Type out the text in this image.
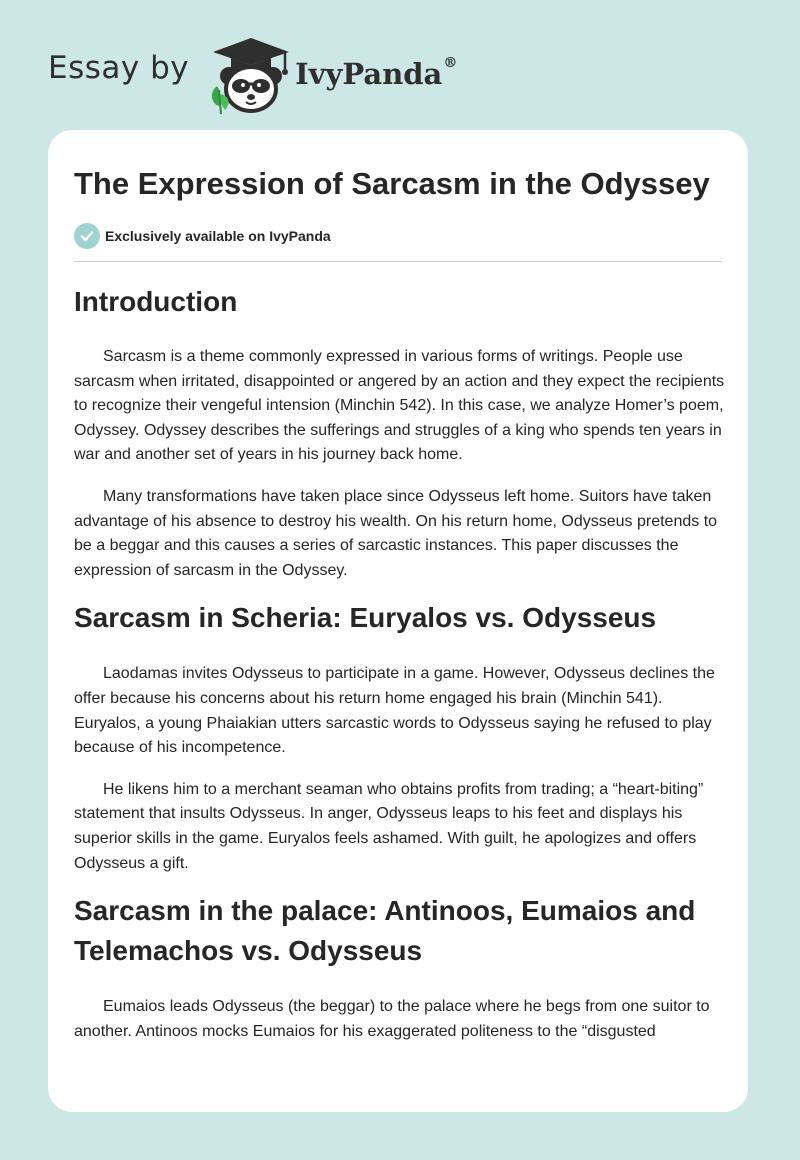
Essay by	IvyPanda®
The Expression of Sarcasm in the Odyssey
Exclusively available on IvyPanda
Introduction

Sarcasm is a theme commonly expressed in various forms of writings. People use sarcasm when irritated, disappointed or angered by an action and they expect the recipients to recognize their vengeful intension (Minchin 542). In this case, we analyze Homer’s poem, Odyssey. Odyssey describes the sufferings and struggles of a king who spends ten years in war and another set of years in his journey back home.

Many transformations have taken place since Odysseus left home. Suitors have taken advantage of his absence to destroy his wealth. On his return home, Odysseus pretends to be a beggar and this causes a series of sarcastic instances. This paper discusses the expression of sarcasm in the Odyssey.

Sarcasm in Scheria: Euryalos vs. Odysseus

Laodamas invites Odysseus to participate in a game. However, Odysseus declines the offer because his concerns about his return home engaged his brain (Minchin 541). Euryalos, a young Phaiakian utters sarcastic words to Odysseus saying he refused to play because of his incompetence.

He likens him to a merchant seaman who obtains profits from trading; a “heart-biting” statement that insults Odysseus. In anger, Odysseus leaps to his feet and displays his superior skills in the game. Euryalos feels ashamed. With guilt, he apologizes and offers Odysseus a gift.

Sarcasm in the palace: Antinoos, Eumaios and Telemachos vs. Odysseus

Eumaios leads Odysseus (the beggar) to the palace where he begs from one suitor to another. Antinoos mocks Eumaios for his exaggerated politeness to the “disgusted
